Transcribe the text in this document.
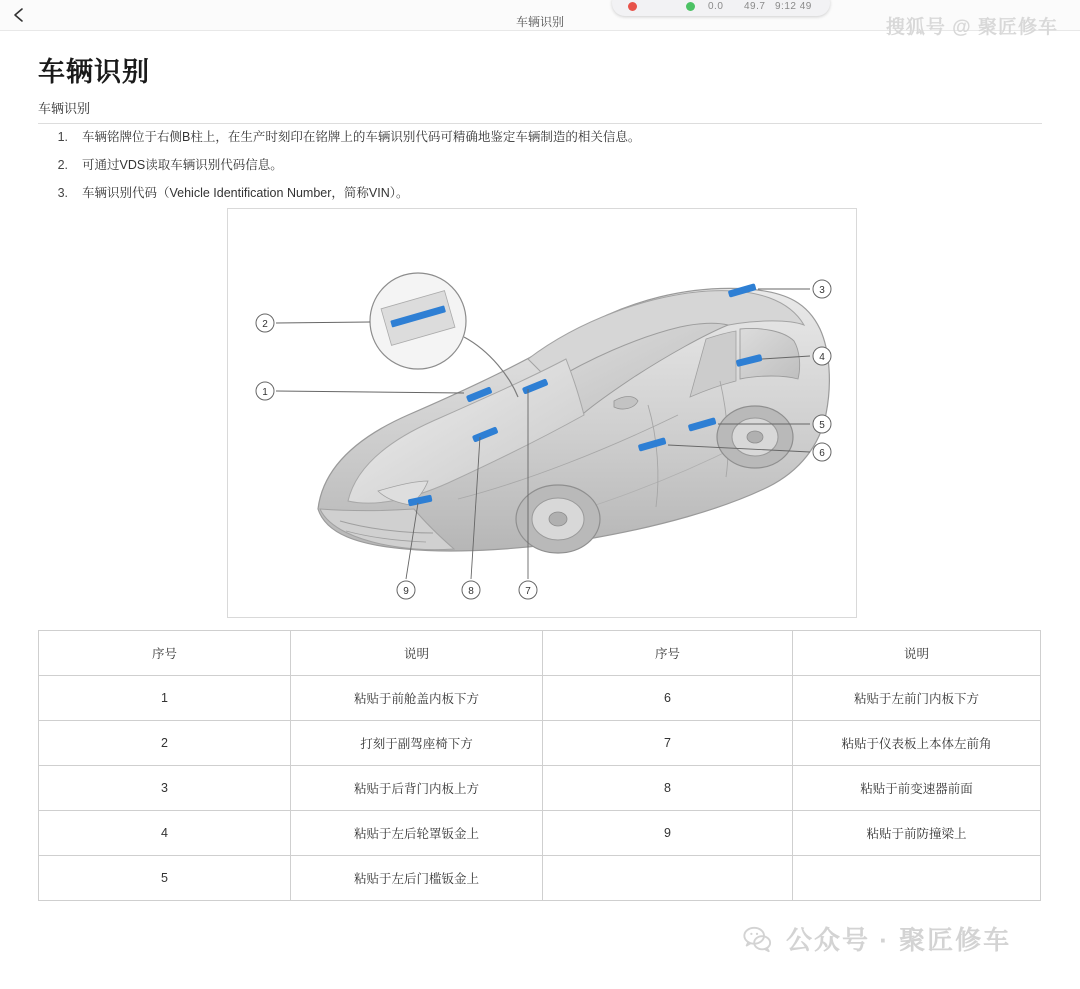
车辆识别
0.0 49.7 9:12 49
搜狐号 @ 聚匠修车
车辆识别
车辆识别
1.	车辆铭牌位于右侧B柱上，在生产时刻印在铭牌上的车辆识别代码可精确地鉴定车辆制造的相关信息。
2.	可通过VDS读取车辆识别代码信息。
3.	车辆识别代码（Vehicle Identification Number，简称VIN）。
1
2
3
4
5
6
7
8
9
序号	说明	序号	说明
1	粘贴于前舱盖内板下方	6	粘贴于左前门内板下方
2	打刻于副驾座椅下方	7	粘贴于仪表板上本体左前角
3	粘贴于后背门内板上方	8	粘贴于前变速器前面
4	粘贴于左后轮罩钣金上	9	粘贴于前防撞梁上
5	粘贴于左后门槛钣金上		
公众号 · 聚匠修车
